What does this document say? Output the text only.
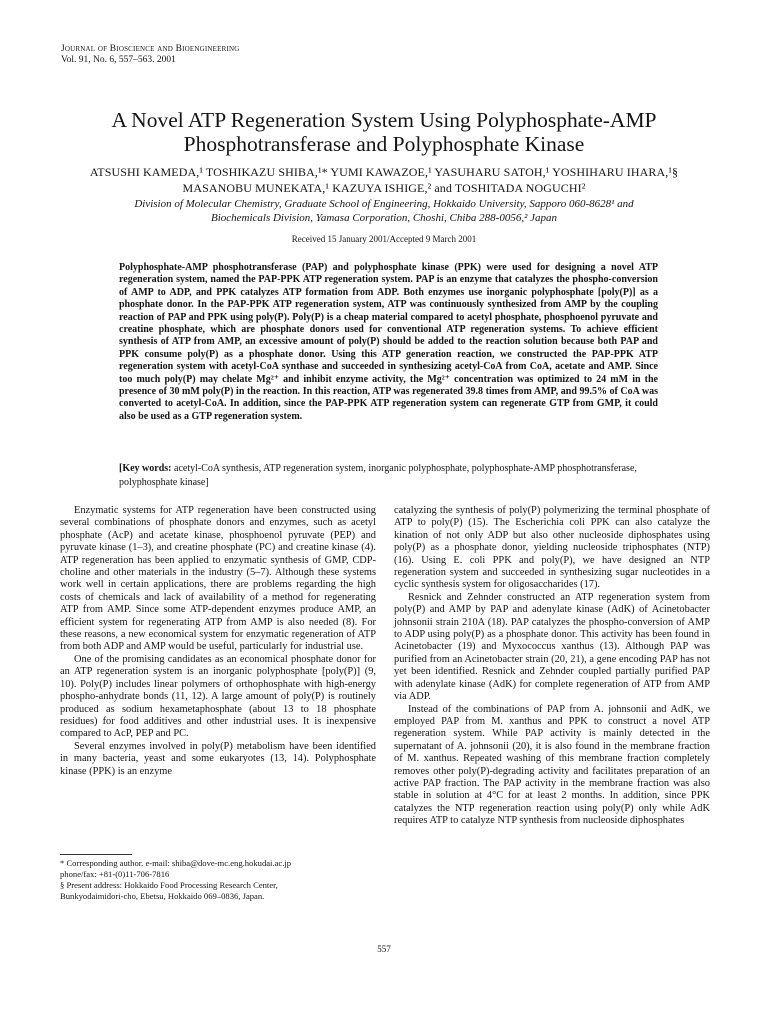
Journal of Bioscience and Bioengineering
Vol. 91, No. 6, 557–563. 2001
A Novel ATP Regeneration System Using Polyphosphate-AMP
Phosphotransferase and Polyphosphate Kinase
ATSUSHI KAMEDA,¹ TOSHIKAZU SHIBA,¹* YUMI KAWAZOE,¹ YASUHARU SATOH,¹ YOSHIHARU IHARA,¹§
MASANOBU MUNEKATA,¹ KAZUYA ISHIGE,² and TOSHITADA NOGUCHI²
Division of Molecular Chemistry, Graduate School of Engineering, Hokkaido University, Sapporo 060-8628¹ and
Biochemicals Division, Yamasa Corporation, Choshi, Chiba 288-0056,² Japan
Received 15 January 2001/Accepted 9 March 2001

Polyphosphate-AMP phosphotransferase (PAP) and polyphosphate kinase (PPK) were used for designing a novel ATP regeneration system, named the PAP-PPK ATP regeneration system. PAP is an enzyme that catalyzes the phospho-conversion of AMP to ADP, and PPK catalyzes ATP formation from ADP. Both enzymes use inorganic polyphosphate [poly(P)] as a phosphate donor. In the PAP-PPK ATP regeneration system, ATP was continuously synthesized from AMP by the coupling reaction of PAP and PPK using poly(P). Poly(P) is a cheap material compared to acetyl phosphate, phosphoenol pyruvate and creatine phosphate, which are phosphate donors used for conventional ATP regeneration systems. To achieve efficient synthesis of ATP from AMP, an excessive amount of poly(P) should be added to the reaction solution because both PAP and PPK consume poly(P) as a phosphate donor. Using this ATP generation reaction, we constructed the PAP-PPK ATP regeneration system with acetyl-CoA synthase and succeeded in synthesizing acetyl-CoA from CoA, acetate and AMP. Since too much poly(P) may chelate Mg²⁺ and inhibit enzyme activity, the Mg²⁺ concentration was optimized to 24 mM in the presence of 30 mM poly(P) in the reaction. In this reaction, ATP was regenerated 39.8 times from AMP, and 99.5% of CoA was converted to acetyl-CoA. In addition, since the PAP-PPK ATP regeneration system can regenerate GTP from GMP, it could also be used as a GTP regeneration system.

[Key words: acetyl-CoA synthesis, ATP regeneration system, inorganic polyphosphate, polyphosphate-AMP phosphotransferase, polyphosphate kinase]

Enzymatic systems for ATP regeneration have been constructed using several combinations of phosphate donors and enzymes, such as acetyl phosphate (AcP) and acetate kinase, phosphoenol pyruvate (PEP) and pyruvate kinase (1–3), and creatine phosphate (PC) and creatine kinase (4). ATP regeneration has been applied to enzymatic synthesis of GMP, CDP-choline and other materials in the industry (5–7). Although these systems work well in certain applications, there are problems regarding the high costs of chemicals and lack of availability of a method for regenerating ATP from AMP. Since some ATP-dependent enzymes produce AMP, an efficient system for regenerating ATP from AMP is also needed (8). For these reasons, a new economical system for enzymatic regeneration of ATP from both ADP and AMP would be useful, particularly for industrial use.

One of the promising candidates as an economical phosphate donor for an ATP regeneration system is an inorganic polyphosphate [poly(P)] (9, 10). Poly(P) includes linear polymers of orthophosphate with high-energy phospho-anhydrate bonds (11, 12). A large amount of poly(P) is routinely produced as sodium hexametaphosphate (about 13 to 18 phosphate residues) for food additives and other industrial uses. It is inexpensive compared to AcP, PEP and PC.

Several enzymes involved in poly(P) metabolism have been identified in many bacteria, yeast and some eukaryotes (13, 14). Polyphosphate kinase (PPK) is an enzyme

catalyzing the synthesis of poly(P) polymerizing the terminal phosphate of ATP to poly(P) (15). The Escherichia coli PPK can also catalyze the kination of not only ADP but also other nucleoside diphosphates using poly(P) as a phosphate donor, yielding nucleoside triphosphates (NTP) (16). Using E. coli PPK and poly(P), we have designed an NTP regeneration system and succeeded in synthesizing sugar nucleotides in a cyclic synthesis system for oligosaccharides (17).

Resnick and Zehnder constructed an ATP regeneration system from poly(P) and AMP by PAP and adenylate kinase (AdK) of Acinetobacter johnsonii strain 210A (18). PAP catalyzes the phospho-conversion of AMP to ADP using poly(P) as a phosphate donor. This activity has been found in Acinetobacter (19) and Myxococcus xanthus (13). Although PAP was purified from an Acinetobacter strain (20, 21), a gene encoding PAP has not yet been identified. Resnick and Zehnder coupled partially purified PAP with adenylate kinase (AdK) for complete regeneration of ATP from AMP via ADP.

Instead of the combinations of PAP from A. johnsonii and AdK, we employed PAP from M. xanthus and PPK to construct a novel ATP regeneration system. While PAP activity is mainly detected in the supernatant of A. johnsonii (20), it is also found in the membrane fraction of M. xanthus. Repeated washing of this membrane fraction completely removes other poly(P)-degrading activity and facilitates preparation of an active PAP fraction. The PAP activity in the membrane fraction was also stable in solution at 4°C for at least 2 months. In addition, since PPK catalyzes the NTP regeneration reaction using poly(P) only while AdK requires ATP to catalyze NTP synthesis from nucleoside diphosphates

* Corresponding author. e-mail: shiba@dove-mc.eng.hokudai.ac.jp
phone/fax: +81-(0)11-706-7816
§ Present address: Hokkaido Food Processing Research Center,
Bunkyodaimidori-cho, Ebetsu, Hokkaido 069–0836, Japan.
557
